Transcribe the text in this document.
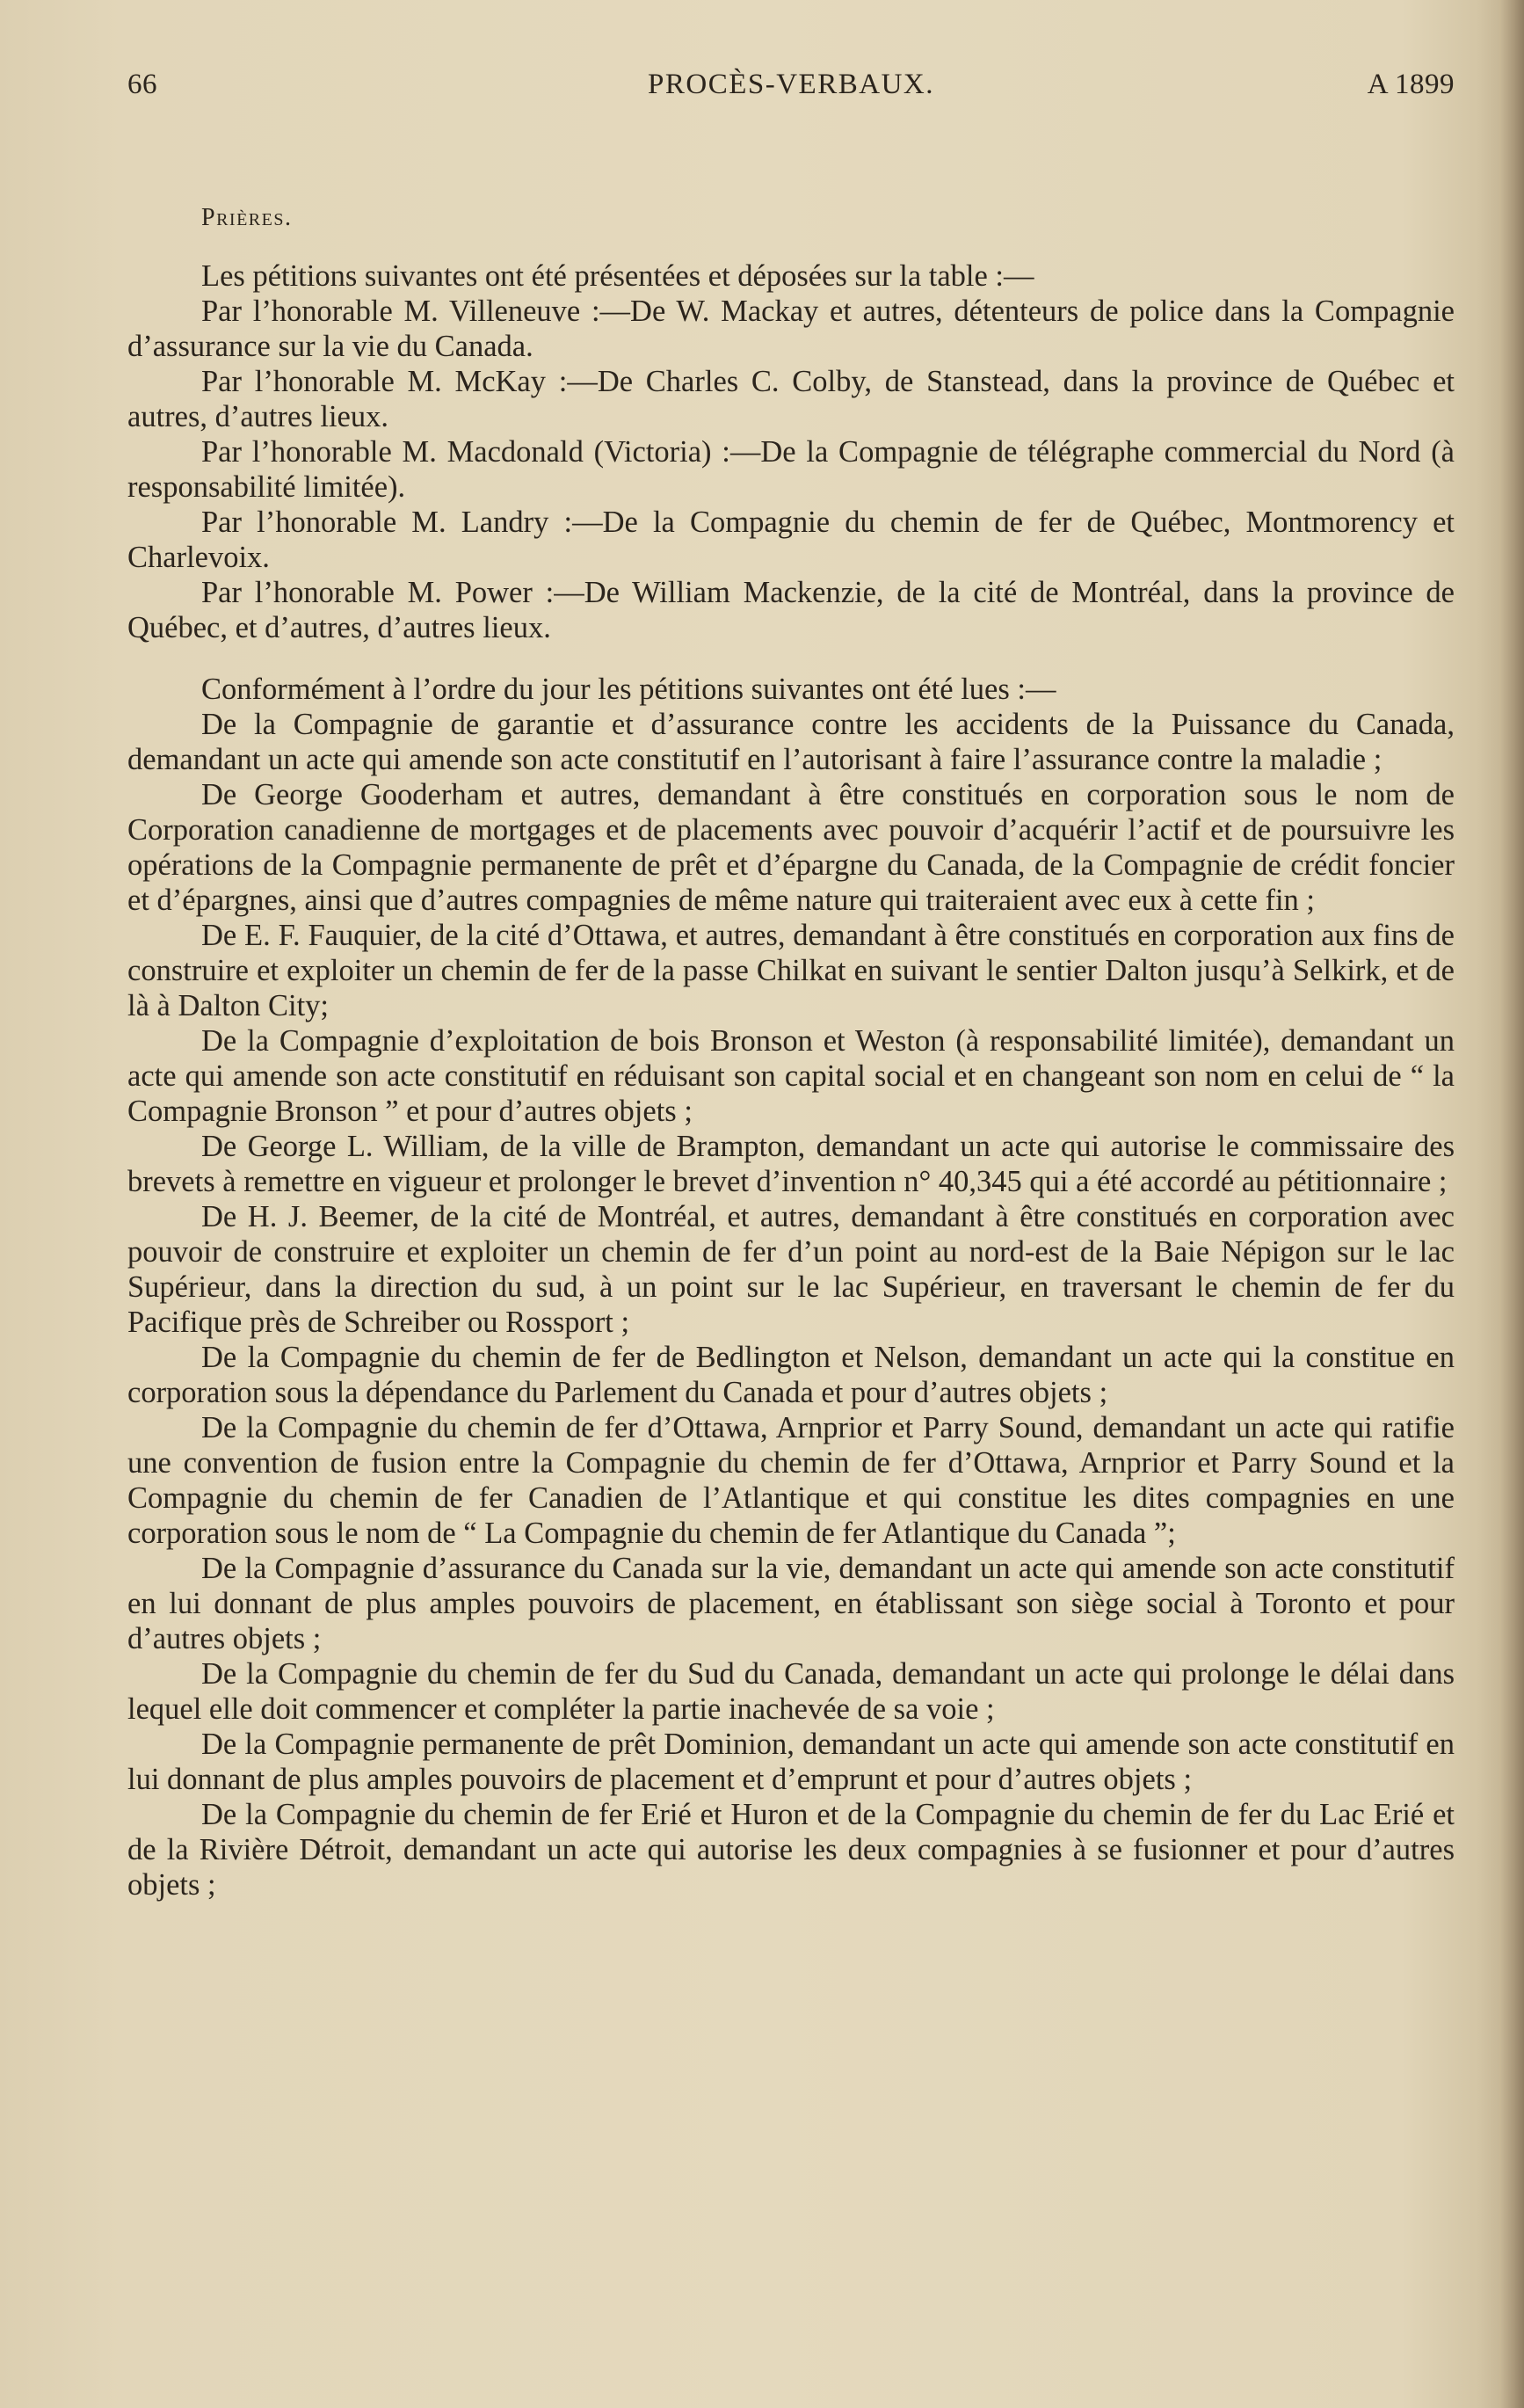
66	PROCÈS-VERBAUX.	A 1899
Prières.

Les pétitions suivantes ont été présentées et déposées sur la table :—

Par l’honorable M. Villeneuve :—De W. Mackay et autres, détenteurs de police dans la Compagnie d’assurance sur la vie du Canada.

Par l’honorable M. McKay :—De Charles C. Colby, de Stanstead, dans la province de Québec et autres, d’autres lieux.

Par l’honorable M. Macdonald (Victoria) :—De la Compagnie de télégraphe commercial du Nord (à responsabilité limitée).

Par l’honorable M. Landry :—De la Compagnie du chemin de fer de Québec, Montmorency et Charlevoix.

Par l’honorable M. Power :—De William Mackenzie, de la cité de Montréal, dans la province de Québec, et d’autres, d’autres lieux.

Conformément à l’ordre du jour les pétitions suivantes ont été lues :—

De la Compagnie de garantie et d’assurance contre les accidents de la Puissance du Canada, demandant un acte qui amende son acte constitutif en l’autorisant à faire l’assurance contre la maladie ;

De George Gooderham et autres, demandant à être constitués en corporation sous le nom de Corporation canadienne de mortgages et de placements avec pouvoir d’acquérir l’actif et de poursuivre les opérations de la Compagnie permanente de prêt et d’épargne du Canada, de la Compagnie de crédit foncier et d’épargnes, ainsi que d’autres compagnies de même nature qui traiteraient avec eux à cette fin ;

De E. F. Fauquier, de la cité d’Ottawa, et autres, demandant à être constitués en corporation aux fins de construire et exploiter un chemin de fer de la passe Chilkat en suivant le sentier Dalton jusqu’à Selkirk, et de là à Dalton City;

De la Compagnie d’exploitation de bois Bronson et Weston (à responsabilité limitée), demandant un acte qui amende son acte constitutif en réduisant son capital social et en changeant son nom en celui de “ la Compagnie Bronson ” et pour d’autres objets ;

De George L. William, de la ville de Brampton, demandant un acte qui autorise le commissaire des brevets à remettre en vigueur et prolonger le brevet d’invention n° 40,345 qui a été accordé au pétitionnaire ;

De H. J. Beemer, de la cité de Montréal, et autres, demandant à être constitués en corporation avec pouvoir de construire et exploiter un chemin de fer d’un point au nord-est de la Baie Népigon sur le lac Supérieur, dans la direction du sud, à un point sur le lac Supérieur, en traversant le chemin de fer du Pacifique près de Schreiber ou Rossport ;

De la Compagnie du chemin de fer de Bedlington et Nelson, demandant un acte qui la constitue en corporation sous la dépendance du Parlement du Canada et pour d’autres objets ;

De la Compagnie du chemin de fer d’Ottawa, Arnprior et Parry Sound, demandant un acte qui ratifie une convention de fusion entre la Compagnie du chemin de fer d’Ottawa, Arnprior et Parry Sound et la Compagnie du chemin de fer Canadien de l’Atlantique et qui constitue les dites compagnies en une corporation sous le nom de “ La Compagnie du chemin de fer Atlantique du Canada ”;

De la Compagnie d’assurance du Canada sur la vie, demandant un acte qui amende son acte constitutif en lui donnant de plus amples pouvoirs de placement, en établissant son siège social à Toronto et pour d’autres objets ;

De la Compagnie du chemin de fer du Sud du Canada, demandant un acte qui prolonge le délai dans lequel elle doit commencer et compléter la partie inachevée de sa voie ;

De la Compagnie permanente de prêt Dominion, demandant un acte qui amende son acte constitutif en lui donnant de plus amples pouvoirs de placement et d’emprunt et pour d’autres objets ;

De la Compagnie du chemin de fer Erié et Huron et de la Compagnie du chemin de fer du Lac Erié et de la Rivière Détroit, demandant un acte qui autorise les deux compagnies à se fusionner et pour d’autres objets ;
